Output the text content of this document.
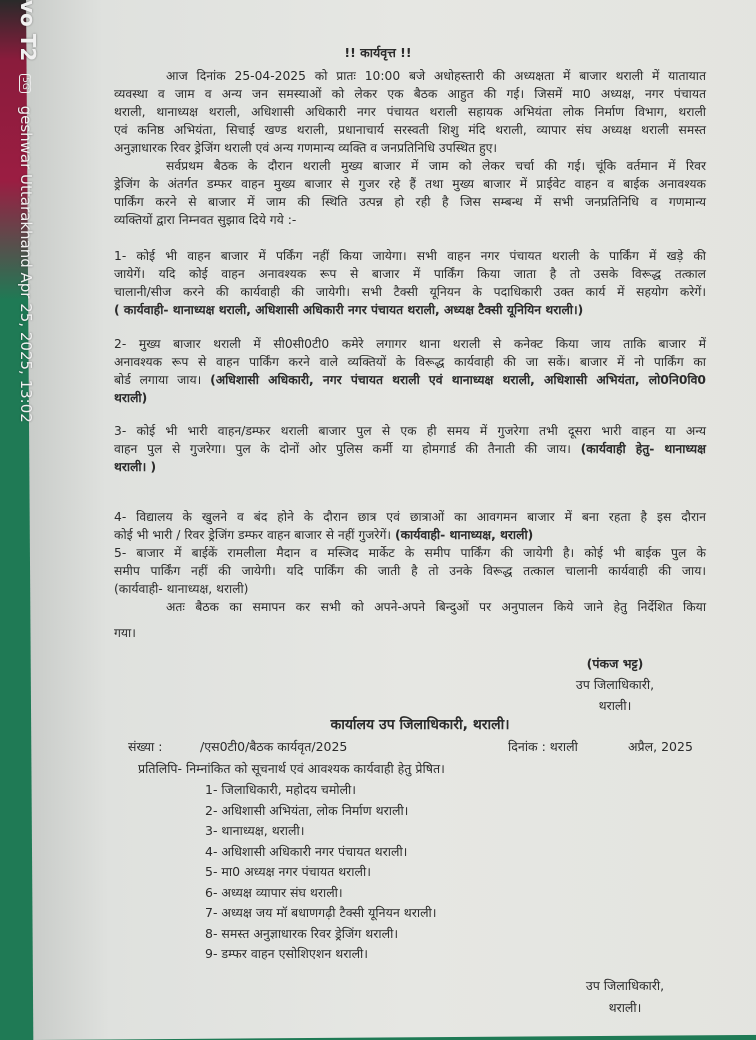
vo T2 5G geshwar Uttarakhand Apr 25, 2025, 13:02
!! कार्यवृत्त !!
आज दिनांक 25-04-2025 को प्रातः 10:00 बजे अधोहस्तारी की अध्यक्षता में बाजार थराली में यातायात
व्यवस्था व जाम व अन्य जन समस्याओं को लेकर एक बैठक आहुत की गई। जिसमें मा0 अध्यक्ष, नगर पंचायत
थराली, थानाध्यक्ष थराली, अधिशासी अधिकारी नगर पंचायत थराली सहायक अभियंता लोक निर्माण विभाग, थराली
एवं कनिष्ठ अभियंता, सिचाई खण्ड थराली, प्रधानाचार्य सरस्वती शिशु मंदि थराली, व्यापार संघ अध्यक्ष थराली समस्त
अनुज्ञाधारक रिवर ड्रेजिंग थराली एवं अन्य गणमान्य व्यक्ति व जनप्रतिनिधि उपस्थित हुए।
सर्वप्रथम बैठक के दौरान थराली मुख्य बाजार में जाम को लेकर चर्चा की गई। चूंकि वर्तमान में रिवर
ड्रेजिंग के अंतर्गत डम्फर वाहन मुख्य बाजार से गुजर रहे हैं तथा मुख्य बाजार में प्राईवेट वाहन व बाईक अनावश्यक
पार्किंग करने से बाजार में जाम की स्थिति उत्पन्न हो रही है जिस सम्बन्ध में सभी जनप्रतिनिधि व गणमान्य
व्यक्तियों द्वारा निम्नवत सुझाव दिये गये :-
1- कोई भी वाहन बाजार में पर्किंग नहीं किया जायेगा। सभी वाहन नगर पंचायत थराली के पार्किंग में खड़े की
जायेगें। यदि कोई वाहन अनावश्यक रूप से बाजार में पार्किंग किया जाता है तो उसके विरूद्ध तत्काल
चालानी/सीज करने की कार्यवाही की जायेगी। सभी टैक्सी यूनियन के पदाधिकारी उक्त कार्य में सहयोग करेगें।
( कार्यवाही- थानाध्यक्ष थराली, अधिशासी अधिकारी नगर पंचायत थराली, अध्यक्ष टैक्सी यूनियिन थराली।)
2- मुख्य बाजार थराली में सी0सी0टी0 कमेरे लगागर थाना थराली से कनेक्ट किया जाय ताकि बाजार में
अनावश्यक रूप से वाहन पार्किंग करने वाले व्यक्तियों के विरूद्ध कार्यवाही की जा सकें। बाजार में नो पार्किंग का
बोर्ड लगाया जाय। (अधिशासी अधिकारी, नगर पंचायत थराली एवं थानाध्यक्ष थराली, अधिशासी अभियंता, लो0नि0वि0
थराली)
3- कोई भी भारी वाहन/डम्फर थराली बाजार पुल से एक ही समय में गुजरेगा तभी दूसरा भारी वाहन या अन्य
वाहन पुल से गुजरेगा। पुल के दोनों ओर पुलिस कर्मी या होमगार्ड की तैनाती की जाय। (कार्यवाही हेतु- थानाध्यक्ष
थराली। )
4- विद्यालय के खुलने व बंद होने के दौरान छात्र एवं छात्राओं का आवगमन बाजार में बना रहता है इस दौरान
कोई भी भारी / रिवर ड्रेजिंग डम्फर वाहन बाजार से नहीं गुजरेगें। (कार्यवाही- थानाध्यक्ष, थराली)
5- बाजार में बाईकें रामलीला मैदान व मस्जिद मार्केट के समीप पार्किंग की जायेगी है। कोई भी बाईक पुल के
समीप पार्किंग नहीं की जायेगी। यदि पार्किंग की जाती है तो उनके विरूद्ध तत्काल चालानी कार्यवाही की जाय।
(कार्यवाही- थानाध्यक्ष, थराली)
अतः बैठक का समापन कर सभी को अपने-अपने बिन्दुओं पर अनुपालन किये जाने हेतु निर्देशित किया
गया।
(पंकज भट्ट)
उप जिलाधिकारी,
थराली।
कार्यालय उप जिलाधिकारी, थराली।
संख्या :	/एस0टी0/बैठक कार्यवृत/2025	दिनांक : थराली	अप्रैल, 2025
प्रतिलिपि- निम्नांकित को सूचनार्थ एवं आवश्यक कार्यवाही हेतु प्रेषित।
1- जिलाधिकारी, महोदय चमोली।
2- अधिशासी अभियंता, लोक निर्माण थराली।
3- थानाध्यक्ष, थराली।
4- अधिशासी अधिकारी नगर पंचायत थराली।
5- मा0 अध्यक्ष नगर पंचायत थराली।
6- अध्यक्ष व्यापार संघ थराली।
7- अध्यक्ष जय मॉ बधाणगढ़ी टैक्सी यूनियन थराली।
8- समस्त अनुज्ञाधारक रिवर ड्रेजिंग थराली।
9- डम्फर वाहन एसोशिएशन थराली।
उप जिलाधिकारी,
थराली।
